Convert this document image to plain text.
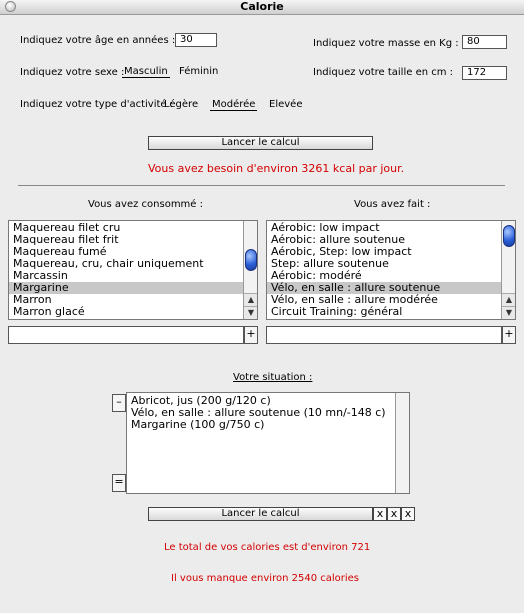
Calorie
Indiquez votre âge en années : 30	Indiquez votre masse en Kg : 80
Indiquez votre sexe : Masculin Féminin	Indiquez votre taille en cm :	172
Indiquez votre type d'activité :
Légère Modérée Elevée
Lancer le calcul
Vous avez besoin d'environ 3261 kcal par jour.
Vous avez consommé :
Maquereau filet cru
Maquereau filet frit
Maquereau fumé
Maquereau, cru, chair uniquement
Marcassin
Margarine
Marron
Marron glacé
▲
▼
+
Vous avez fait :
Aérobic: low impact
Aérobic: allure soutenue
Aérobic, Step: low impact
Step: allure soutenue
Aérobic: modéré
Vélo, en salle : allure soutenue
Vélo, en salle : allure modérée
Circuit Training: général
▲
▼
+
Votre situation :
Abricot, jus (200 g/120 c)
Vélo, en salle : allure soutenue (10 mn/-148 c)
Margarine (100 g/750 c)
–
=
Lancer le calcul	x x x
Le total de vos calories est d'environ 721
Il vous manque environ 2540 calories
